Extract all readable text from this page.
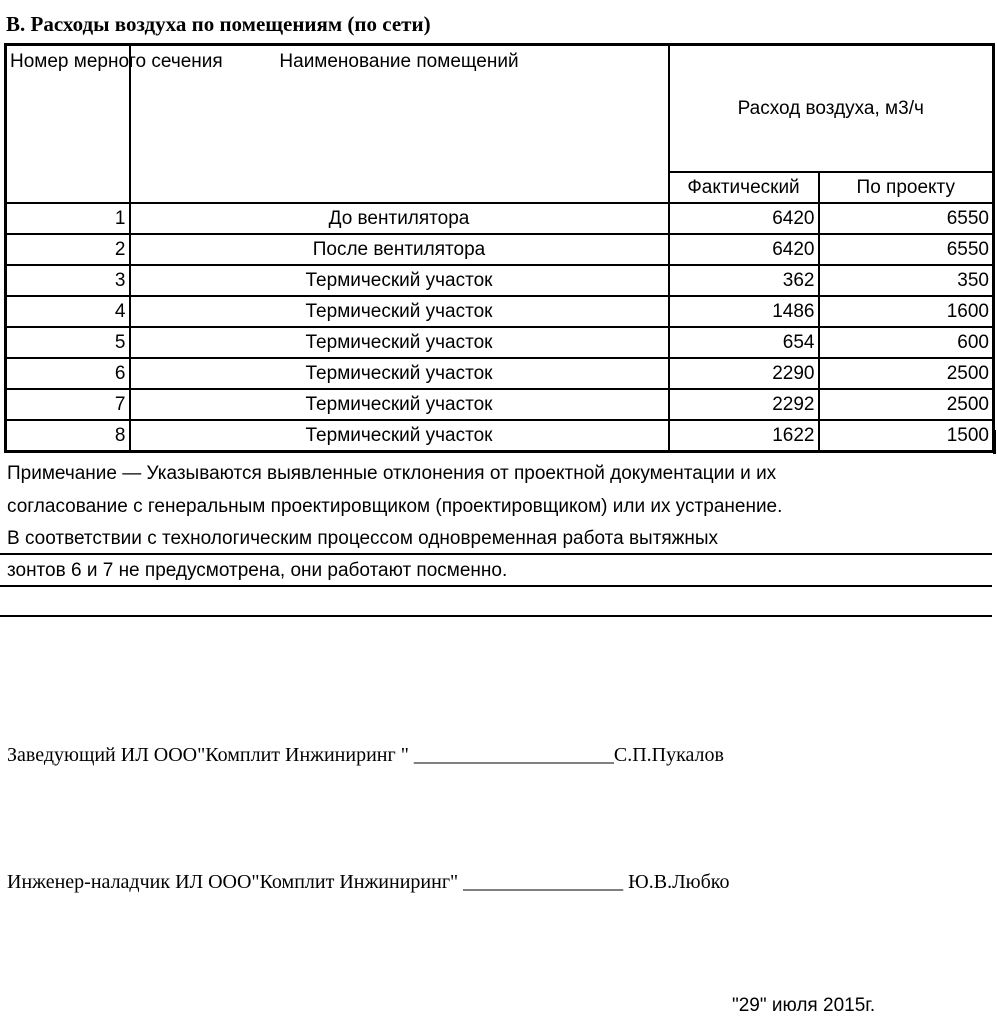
В. Расходы воздуха по помещениям (по сети)
Номер мерного сечения	Наименование помещений	Расход воздуха, м3/ч	
		Фактический	По проекту
1	До вентилятора	6420	6550
2	После вентилятора	6420	6550
3	Термический участок	362	350
4	Термический участок	1486	1600
5	Термический участок	654	600
6	Термический участок	2290	2500
7	Термический участок	2292	2500
8	Термический участок	1622	1500
Примечание — Указываются выявленные отклонения от проектной документации и их
согласование с генеральным проектировщиком (проектировщиком) или их устранение.
В соответствии с технологическим процессом одновременная работа вытяжных
зонтов 6 и 7 не предусмотрена, они работают посменно.
Заведующий ИЛ ООО"Комплит Инжиниринг " ____________________С.П.Пукалов
Инженер-наладчик ИЛ ООО"Комплит Инжиниринг" ________________ Ю.В.Любко
"29" июля 2015г.
